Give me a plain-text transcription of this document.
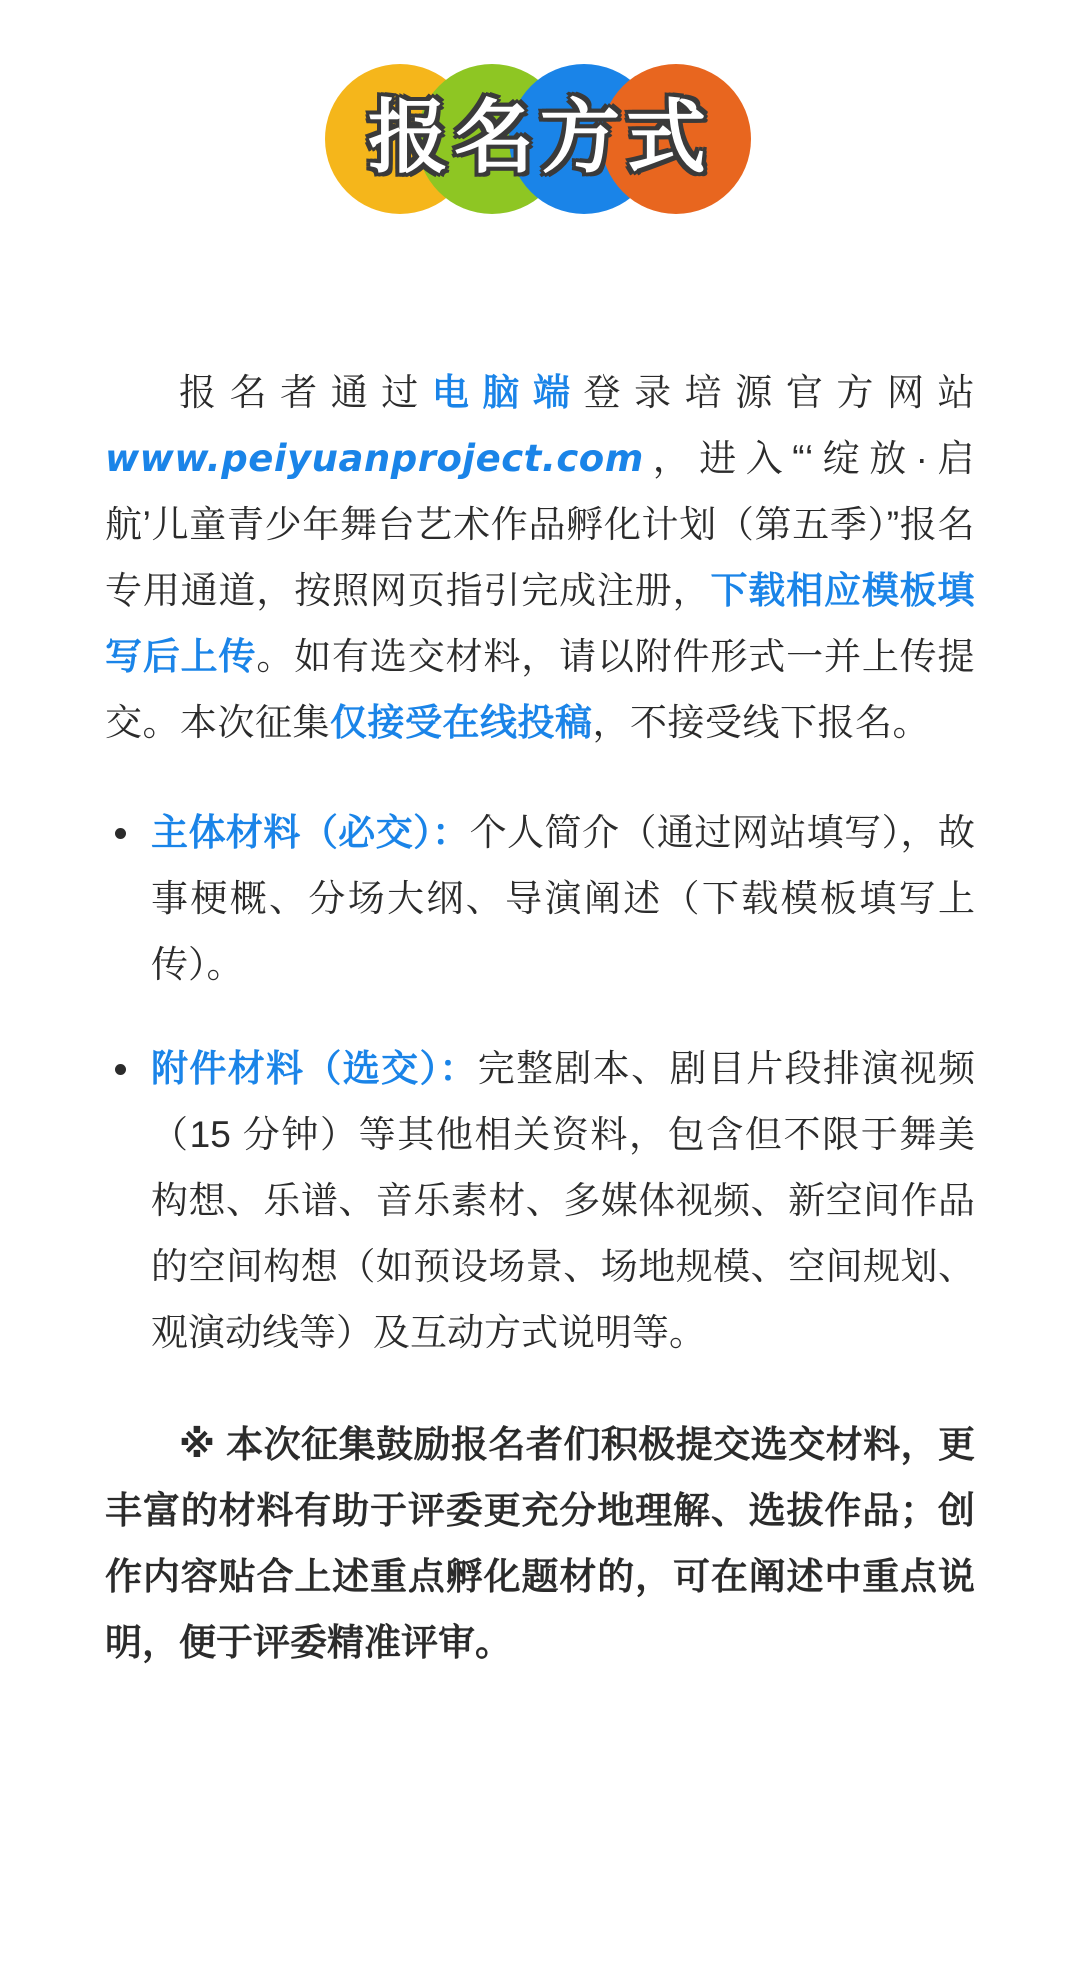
报名方式

报名者通过电脑端登录培源官方网站 www.peiyuanproject.com，进入“‘绽放·启航’儿童青少年舞台艺术作品孵化计划（第五季）”报名专用通道，按照网页指引完成注册，下载相应模板填写后上传。如有选交材料，请以附件形式一并上传提交。本次征集仅接受在线投稿，不接受线下报名。

主体材料（必交）：个人简介（通过网站填写），故事梗概、分场大纲、导演阐述（下载模板填写上传）。
附件材料（选交）：完整剧本、剧目片段排演视频（15 分钟）等其他相关资料，包含但不限于舞美构想、乐谱、音乐素材、多媒体视频、新空间作品的空间构想（如预设场景、场地规模、空间规划、观演动线等）及互动方式说明等。

※ 本次征集鼓励报名者们积极提交选交材料，更丰富的材料有助于评委更充分地理解、选拔作品；创作内容贴合上述重点孵化题材的，可在阐述中重点说明，便于评委精准评审。
